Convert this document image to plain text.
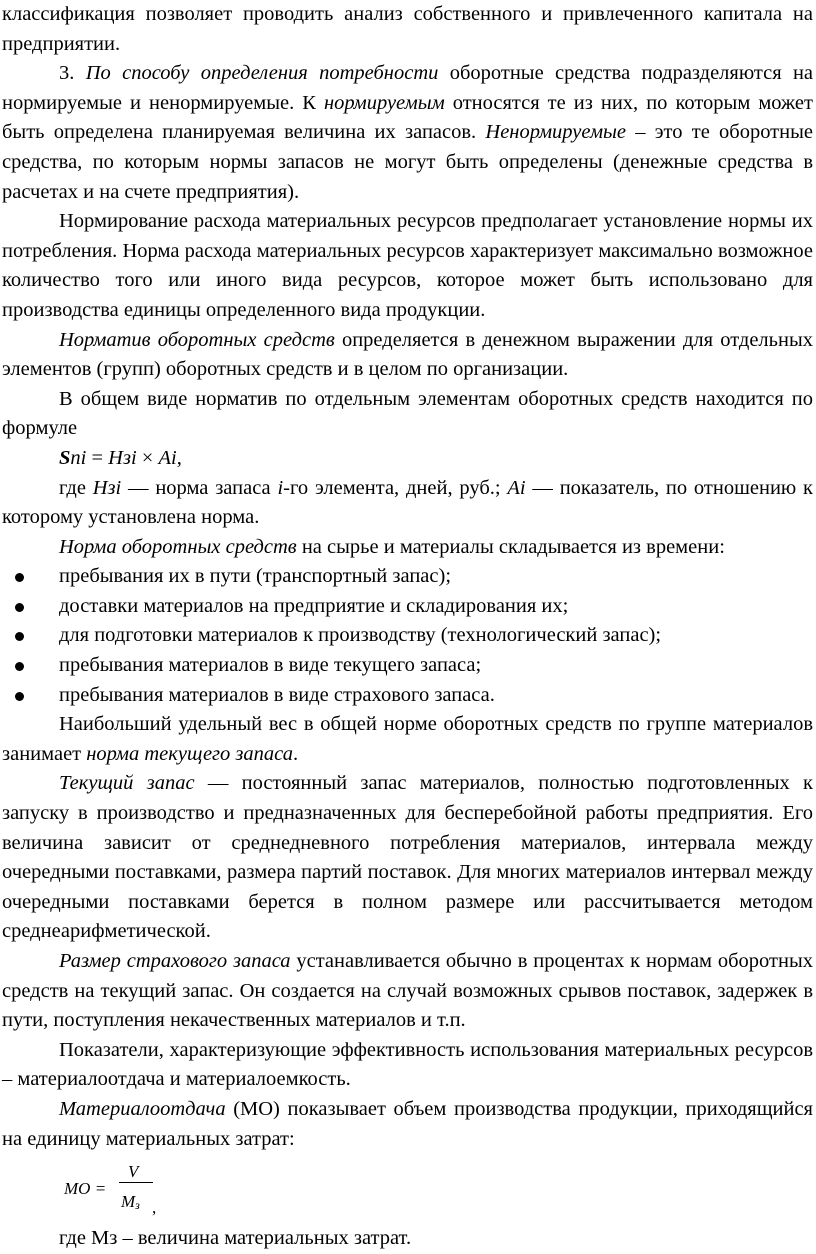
классификация позволяет проводить анализ собственного и привлеченного капитала на предприятии.

3. По способу определения потребности оборотные средства подразделяются на нормируемые и ненормируемые. К нормируемым относятся те из них, по которым может быть определена планируемая величина их запасов. Ненормируемые – это те оборотные средства, по которым нормы запасов не могут быть определены (денежные средства в расчетах и на счете предприятия).

Нормирование расхода материальных ресурсов предполагает установление нормы их потребления. Норма расхода материальных ресурсов характеризует максимально возможное количество того или иного вида ресурсов, которое может быть использовано для производства единицы определенного вида продукции.

Норматив оборотных средств определяется в денежном выражении для отдельных элементов (групп) оборотных средств и в целом по организации.

В общем виде норматив по отдельным элементам оборотных средств находится по формуле

Sni = Нзi × Аi,

где Нзi — норма запаса i-го элемента, дней, руб.; Аi — показатель, по отношению к которому установлена норма.

Норма оборотных средств на сырье и материалы складывается из времени:

пребывания их в пути (транспортный запас);
доставки материалов на предприятие и складирования их;
для подготовки материалов к производству (технологический запас);
пребывания материалов в виде текущего запаса;
пребывания материалов в виде страхового запаса.

Наибольший удельный вес в общей норме оборотных средств по группе материалов занимает норма текущего запаса.

Текущий запас — постоянный запас материалов, полностью подготовленных к запуску в производство и предназначенных для бесперебойной работы предприятия. Его величина зависит от среднедневного потребления материалов, интервала между очередными поставками, размера партий поставок. Для многих материалов интервал между очередными поставками берется в полном размере или рассчитывается методом среднеарифметической.

Размер страхового запаса устанавливается обычно в процентах к нормам оборотных средств на текущий запас. Он создается на случай возможных срывов поставок, задержек в пути, поступления некачественных материалов и т.п.

Показатели, характеризующие эффективность использования материальных ресурсов – материалоотдача и материалоемкость.

Материалоотдача (МО) показывает объем производства продукции, приходящийся на единицу материальных затрат:

МО =
V
$М_з$ ,

где Мз – величина материальных затрат.
